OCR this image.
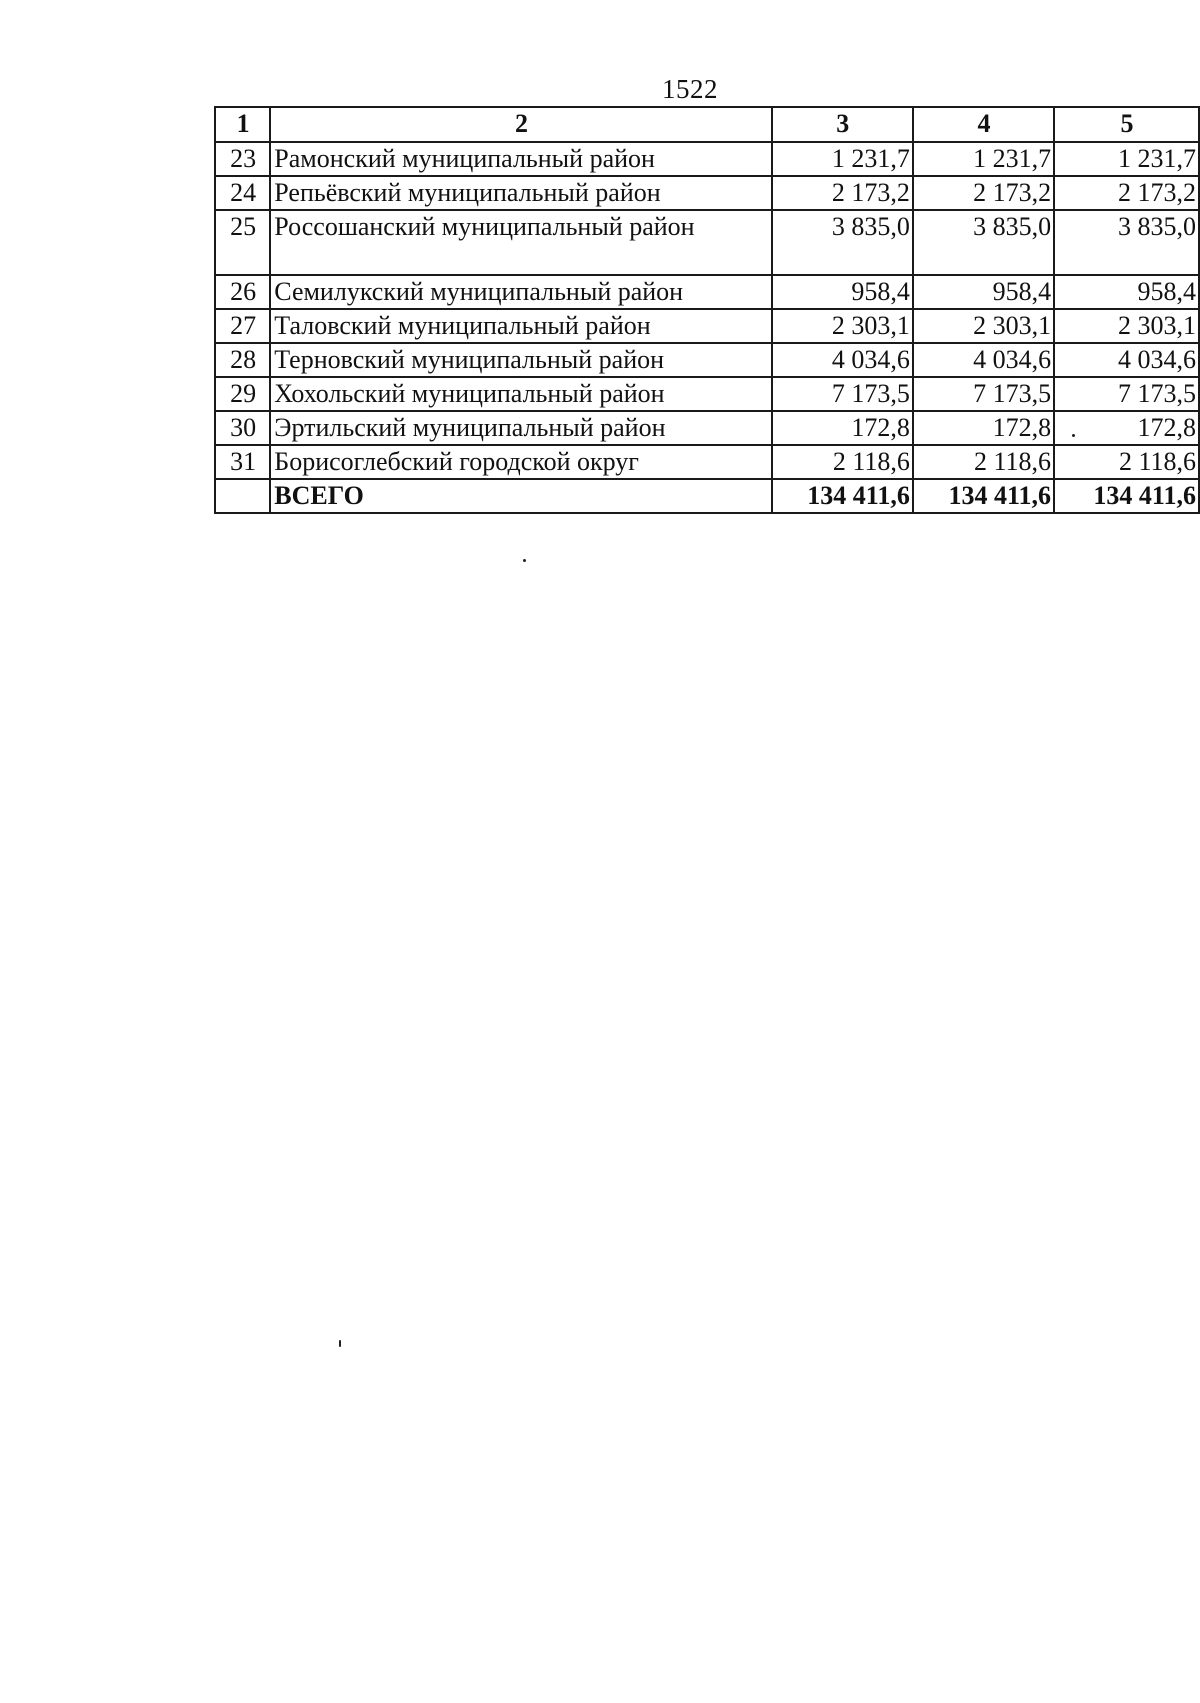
1522
1	2	3	4	5
23	Рамонский муниципальный район	1 231,7	1 231,7	1 231,7
24	Репьёвский муниципальный район	2 173,2	2 173,2	2 173,2
25	Россошанский муниципальный район	3 835,0	3 835,0	3 835,0
26	Семилукский муниципальный район	958,4	958,4	958,4
27	Таловский муниципальный район	2 303,1	2 303,1	2 303,1
28	Терновский муниципальный район	4 034,6	4 034,6	4 034,6
29	Хохольский муниципальный район	7 173,5	7 173,5	7 173,5
30	Эртильский муниципальный район	172,8	172,8	172,8
31	Борисоглебский городской округ	2 118,6	2 118,6	2 118,6
	ВСЕГО	134 411,6	134 411,6	134 411,6
